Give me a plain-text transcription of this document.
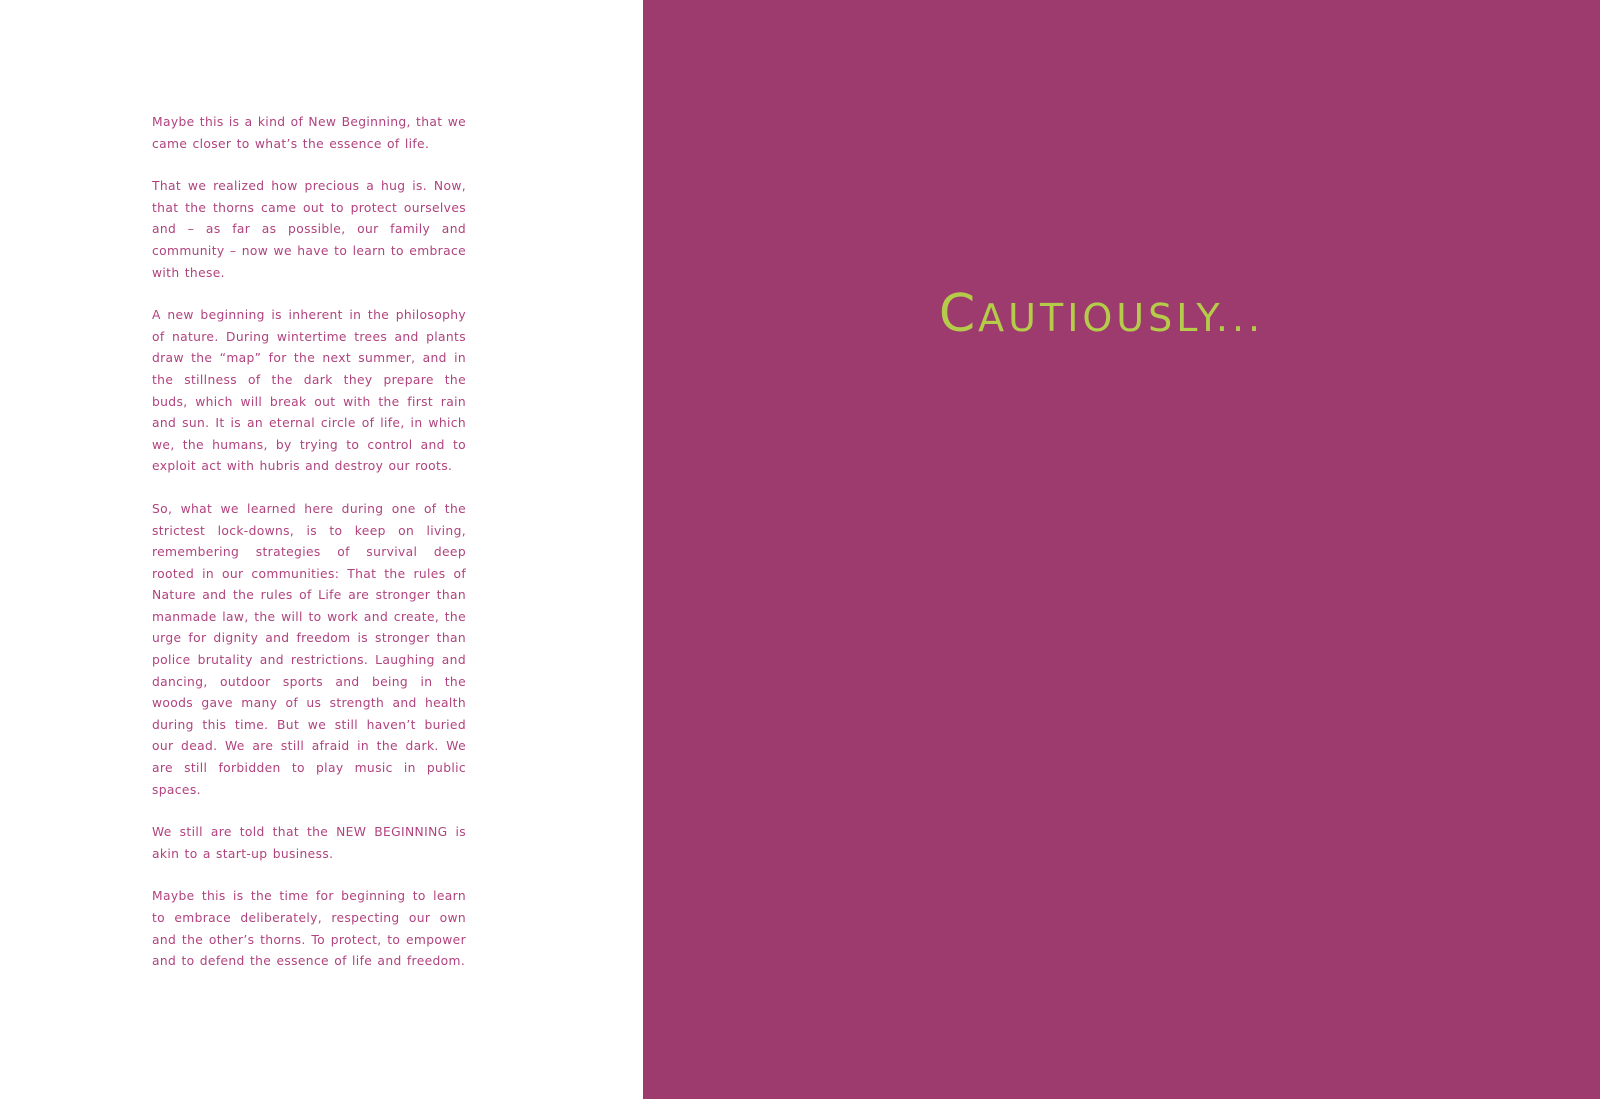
Maybe this is a kind of New Beginning, that we came closer to what’s the essence of life.

That we realized how precious a hug is. Now, that the thorns came out to protect ourselves and – as far as possible, our family and community – now we have to learn to embrace with these.

A new beginning is inherent in the philosophy of nature. During wintertime trees and plants draw the “map” for the next summer, and in the stillness of the dark they prepare the buds, which will break out with the first rain and sun. It is an eternal circle of life, in which we, the humans, by trying to control and to exploit act with hubris and destroy our roots.

So, what we learned here during one of the strictest lock-downs, is to keep on living, remembering strategies of survival deep rooted in our communities: That the rules of Nature and the rules of Life are stronger than manmade law, the will to work and create, the urge for dignity and freedom is stronger than police brutality and restrictions. Laughing and dancing, outdoor sports and being in the woods gave many of us strength and health during this time. But we still haven’t buried our dead. We are still afraid in the dark. We are still forbidden to play music in public spaces.

We still are told that the NEW BEGINNING is akin to a start-up business.

Maybe this is the time for beginning to learn to embrace deliberately, respecting our own and the other’s thorns. To protect, to empower and to defend the essence of life and freedom.

CAUTIOUSLY...
